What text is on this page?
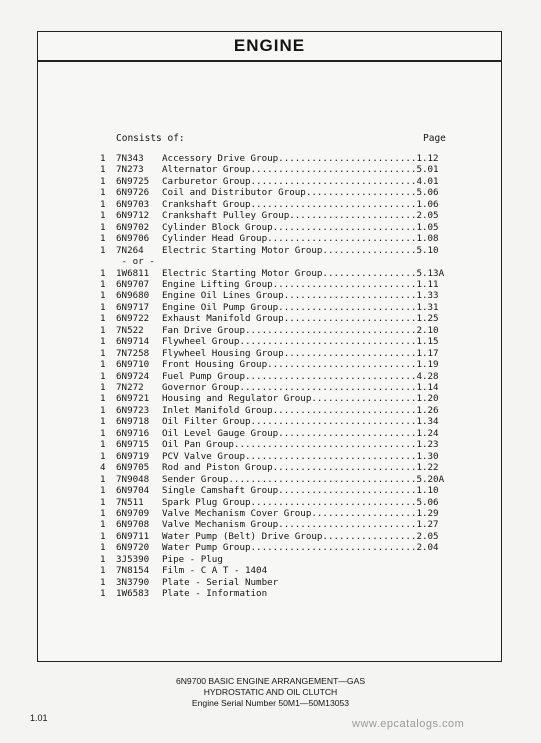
ENGINE
Consists of:	Page
1	7N343 Accessory Drive Group.........................1.12
1	7N273 Alternator Group..............................5.01
1	6N9725 Carburetor Group..............................4.01
1	6N9726 Coil and Distributor Group....................5.06
1	6N9703 Crankshaft Group..............................1.06
1	6N9712 Crankshaft Pulley Group.......................2.05
1	6N9702 Cylinder Block Group..........................1.05
1	6N9706 Cylinder Head Group...........................1.08
1	7N264 Electric Starting Motor Group.................5.10
- or -
1	1W6811 Electric Starting Motor Group.................5.13A
1	6N9707 Engine Lifting Group..........................1.11
1	6N9680 Engine Oil Lines Group........................1.33
1	6N9717 Engine Oil Pump Group.........................1.31
1	6N9722 Exhaust Manifold Group........................1.25
1	7N522 Fan Drive Group...............................2.10
1	6N9714 Flywheel Group................................1.15
1	7N7258 Flywheel Housing Group........................1.17
1	6N9710 Front Housing Group...........................1.19
1	6N9724 Fuel Pump Group...............................4.28
1	7N272 Governor Group................................1.14
1	6N9721 Housing and Regulator Group...................1.20
1	6N9723 Inlet Manifold Group..........................1.26
1	6N9718 Oil Filter Group..............................1.34
1	6N9716 Oil Level Gauge Group.........................1.24
1	6N9715 Oil Pan Group.................................1.23
1	6N9719 PCV Valve Group...............................1.30
4	6N9705 Rod and Piston Group..........................1.22
1	7N9048 Sender Group..................................5.20A
1	6N9704 Single Camshaft Group.........................1.10
1	7N511 Spark Plug Group..............................5.06
1	6N9709 Valve Mechanism Cover Group...................1.29
1	6N9708 Valve Mechanism Group.........................1.27
1	6N9711 Water Pump (Belt) Drive Group.................2.05
1	6N9720 Water Pump Group..............................2.04
1	3J5390 Pipe - Plug
1	7N8154 Film - C A T - 1404
1	3N3790 Plate - Serial Number
1	1W6583 Plate - Information
6N9700 BASIC ENGINE ARRANGEMENT—GAS
HYDROSTATIC AND OIL CLUTCH
Engine Serial Number 50M1—50M13053
1.01	www.epcatalogs.com
